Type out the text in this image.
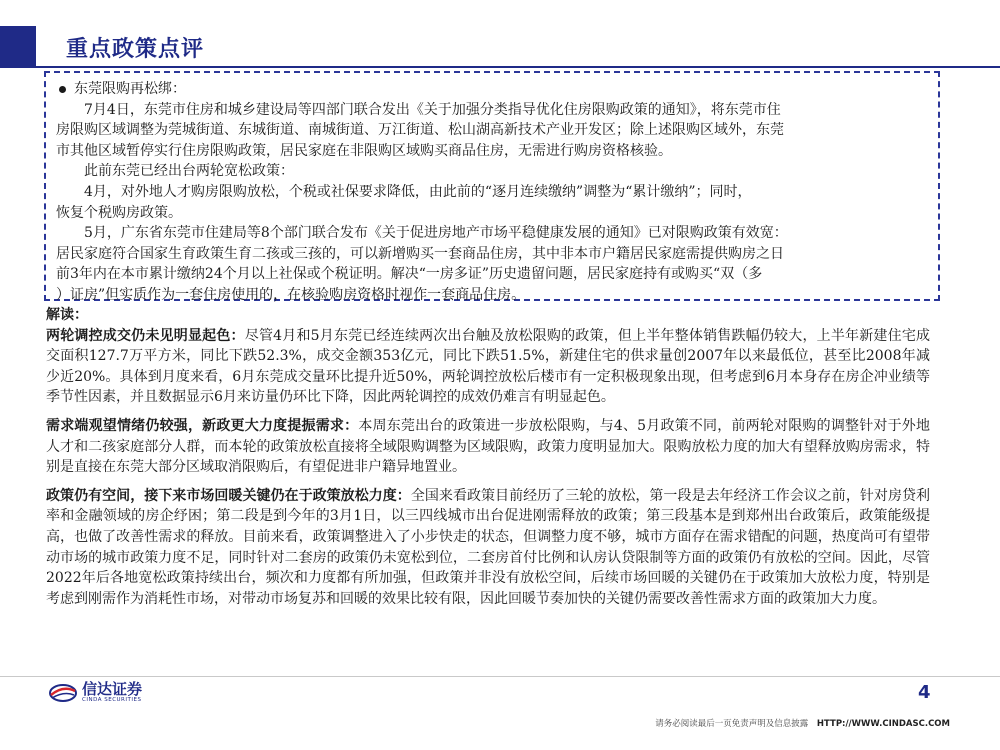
重点政策点评

东莞限购再松绑：

7月4日，东莞市住房和城乡建设局等四部门联合发出《关于加强分类指导优化住房限购政策的通知》，将东莞市住

房限购区域调整为莞城街道、东城街道、南城街道、万江街道、松山湖高新技术产业开发区；除上述限购区域外，东莞

市其他区域暂停实行住房限购政策，居民家庭在非限购区域购买商品住房，无需进行购房资格核验。

此前东莞已经出台两轮宽松政策：

4月，对外地人才购房限购放松，个税或社保要求降低，由此前的“逐月连续缴纳”调整为“累计缴纳”；同时，

恢复个税购房政策。

5月，广东省东莞市住建局等8个部门联合发布《关于促进房地产市场平稳健康发展的通知》已对限购政策有效宽：

居民家庭符合国家生育政策生育二孩或三孩的，可以新增购买一套商品住房，其中非本市户籍居民家庭需提供购房之日

前3年内在本市累计缴纳24个月以上社保或个税证明。解决“一房多证”历史遗留问题，居民家庭持有或购买“双（多

）证房”但实质作为一套住房使用的，在核验购房资格时视作一套商品住房。

解读：

两轮调控成交仍未见明显起色：尽管4月和5月东莞已经连续两次出台触及放松限购的政策，但上半年整体销售跌幅仍较大，上半年新建住宅成交面积127.7万平方米，同比下跌52.3%，成交金额353亿元，同比下跌51.5%，新建住宅的供求量创2007年以来最低位，甚至比2008年减少近20%。具体到月度来看，6月东莞成交量环比提升近50%，两轮调控放松后楼市有一定积极现象出现，但考虑到6月本身存在房企冲业绩等季节性因素，并且数据显示6月来访量仍环比下降，因此两轮调控的成效仍难言有明显起色。

需求端观望情绪仍较强，新政更大力度提振需求：本周东莞出台的政策进一步放松限购，与4、5月政策不同，前两轮对限购的调整针对于外地人才和二孩家庭部分人群，而本轮的政策放松直接将全域限购调整为区域限购，政策力度明显加大。限购放松力度的加大有望释放购房需求，特别是直接在东莞大部分区域取消限购后，有望促进非户籍异地置业。

政策仍有空间，接下来市场回暖关键仍在于政策放松力度：全国来看政策目前经历了三轮的放松，第一段是去年经济工作会议之前，针对房贷利率和金融领域的房企纾困；第二段是到今年的3月1日，以三四线城市出台促进刚需释放的政策；第三段基本是到郑州出台政策后，政策能级提高，也做了改善性需求的释放。目前来看，政策调整进入了小步快走的状态，但调整力度不够，城市方面存在需求错配的问题，热度尚可有望带动市场的城市政策力度不足，同时针对二套房的政策仍未宽松到位，二套房首付比例和认房认贷限制等方面的政策仍有放松的空间。因此，尽管2022年后各地宽松政策持续出台，频次和力度都有所加强，但政策并非没有放松空间，后续市场回暖的关键仍在于政策加大放松力度，特别是考虑到刚需作为消耗性市场，对带动市场复苏和回暖的效果比较有限，因此回暖节奏加快的关键仍需要改善性需求方面的政策加大力度。

信达证券
CINDA SECURITIES	4
请务必阅读最后一页免责声明及信息披露 HTTP://WWW.CINDASC.COM
